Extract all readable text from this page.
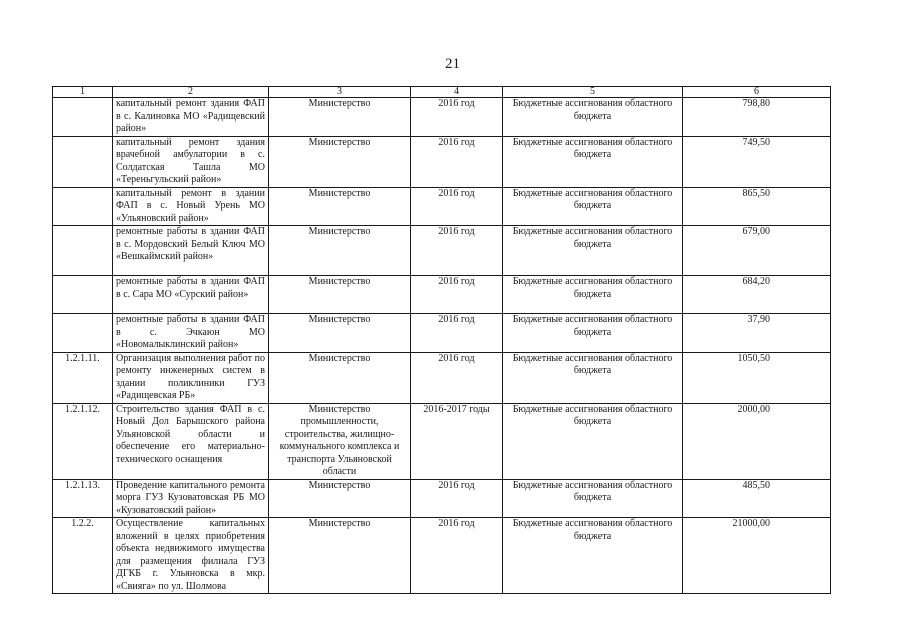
21
1	2	3	4	5	6
	капитальный ремонт здания ФАП в с. Калиновка МО «Радищевский район»	Министерство	2016 год	Бюджетные ассигнования областного бюджета	798,80
	капитальный ремонт здания врачебной амбулатории в с. Солдатская Ташла МО «Тереньгульский район»	Министерство	2016 год	Бюджетные ассигнования областного бюджета	749,50
	капитальный ремонт в здании ФАП в с. Новый Урень МО «Ульяновский район»	Министерство	2016 год	Бюджетные ассигнования областного бюджета	865,50
	ремонтные работы в здании ФАП в с. Мордовский Белый Ключ МО «Вешкаймский район»	Министерство	2016 год	Бюджетные ассигнования областного бюджета	679,00
	ремонтные работы в здании ФАП в с. Сара МО «Сурский район»	Министерство	2016 год	Бюджетные ассигнования областного бюджета	684,20
	ремонтные работы в здании ФАП в с. Эчкаюн МО «Новомалыклинский район»	Министерство	2016 год	Бюджетные ассигнования областного бюджета	37,90
1.2.1.11.	Организация выполнения работ по ремонту инженерных систем в здании поликлиники ГУЗ «Радищевская РБ»	Министерство	2016 год	Бюджетные ассигнования областного бюджета	1050,50
1.2.1.12.	Строительство здания ФАП в с. Новый Дол Барышского района Ульяновской области и обеспечение его материально-технического оснащения	Министерство промышленности, строительства, жилищно-коммунального комплекса и транспорта Ульяновской области	2016-2017 годы	Бюджетные ассигнования областного бюджета	2000,00
1.2.1.13.	Проведение капитального ремонта морга ГУЗ Кузоватовская РБ МО «Кузоватовский район»	Министерство	2016 год	Бюджетные ассигнования областного бюджета	485,50
1.2.2.	Осуществление капитальных вложений в целях приобретения объекта недвижимого имущества для размещения филиала ГУЗ ДГКБ г. Ульяновска в мкр. «Свияга» по ул. Шолмова	Министерство	2016 год	Бюджетные ассигнования областного бюджета	21000,00
